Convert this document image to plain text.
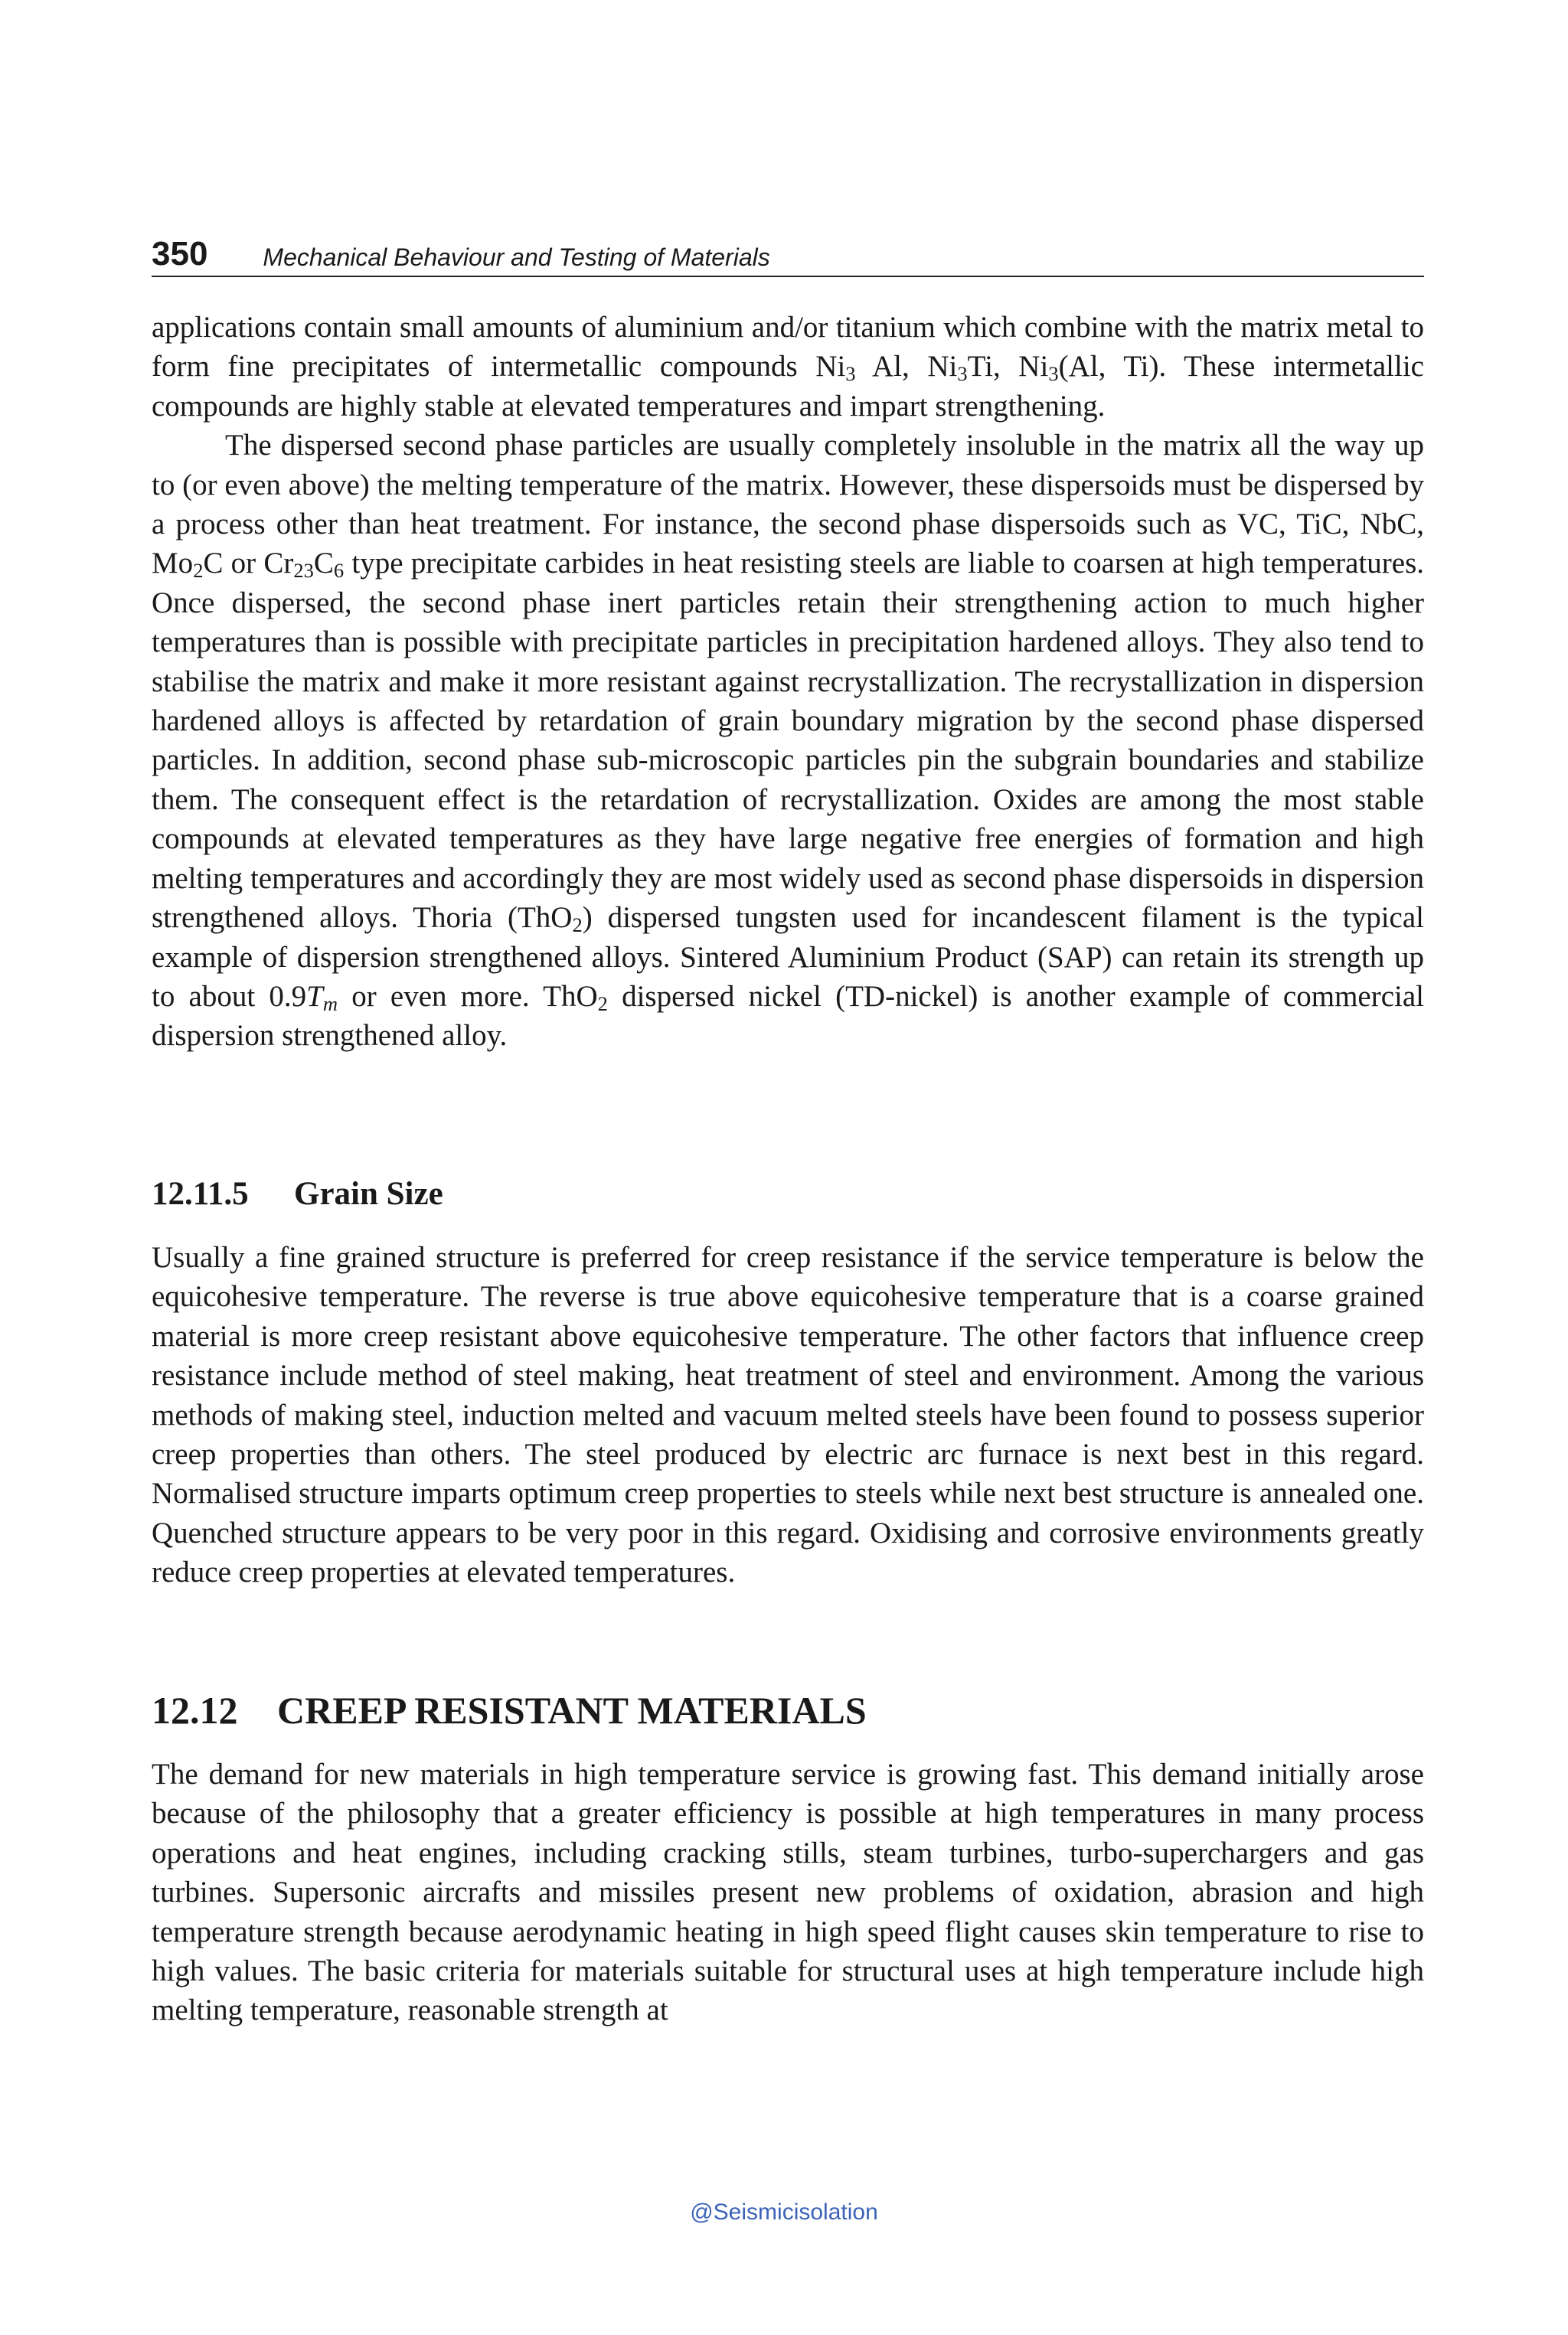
350 Mechanical Behaviour and Testing of Materials

applications contain small amounts of aluminium and/or titanium which combine with the matrix metal to form fine precipitates of intermetallic compounds $Ni_3$ Al, $Ni_3Ti$, $Ni_3(Al$, Ti). These intermetallic compounds are highly stable at elevated temperatures and impart strengthening.

The dispersed second phase particles are usually completely insoluble in the matrix all the way up to (or even above) the melting temperature of the matrix. However, these dispersoids must be dispersed by a process other than heat treatment. For instance, the second phase dispersoids such as VC, TiC, NbC, $Mo_2C$ or $Cr_{23}C_6$ type precipitate carbides in heat resisting steels are liable to coarsen at high temperatures. Once dispersed, the second phase inert particles retain their strengthening action to much higher temperatures than is possible with precipitate particles in precipitation hardened alloys. They also tend to stabilise the matrix and make it more resistant against recrystallization. The recrystallization in dispersion hardened alloys is affected by retardation of grain boundary migration by the second phase dispersed particles. In addition, second phase sub-microscopic particles pin the subgrain boundaries and stabilize them. The consequent effect is the retardation of recrystallization. Oxides are among the most stable compounds at elevated temperatures as they have large negative free energies of formation and high melting temperatures and accordingly they are most widely used as second phase dispersoids in dispersion strengthened alloys. Thoria (ThO$_2$) dispersed tungsten used for incandescent filament is the typical example of dispersion strengthened alloys. Sintered Aluminium Product (SAP) can retain its strength up to about $0.9T_m$ or even more. ThO$_2$ dispersed nickel (TD-nickel) is another example of commercial dispersion strengthened alloy.

12.11.5 Grain Size

Usually a fine grained structure is preferred for creep resistance if the service temperature is below the equicohesive temperature. The reverse is true above equicohesive temperature that is a coarse grained material is more creep resistant above equicohesive temperature. The other factors that influence creep resistance include method of steel making, heat treatment of steel and environment. Among the various methods of making steel, induction melted and vacuum melted steels have been found to possess superior creep properties than others. The steel produced by electric arc furnace is next best in this regard. Normalised structure imparts optimum creep properties to steels while next best structure is annealed one. Quenched structure appears to be very poor in this regard. Oxidising and corrosive environments greatly reduce creep properties at elevated temperatures.

12.12 CREEP RESISTANT MATERIALS

The demand for new materials in high temperature service is growing fast. This demand initially arose because of the philosophy that a greater efficiency is possible at high temperatures in many process operations and heat engines, including cracking stills, steam turbines, turbo-superchargers and gas turbines. Supersonic aircrafts and missiles present new problems of oxidation, abrasion and high temperature strength because aerodynamic heating in high speed flight causes skin temperature to rise to high values. The basic criteria for materials suitable for structural uses at high temperature include high melting temperature, reasonable strength at

@Seismicisolation
